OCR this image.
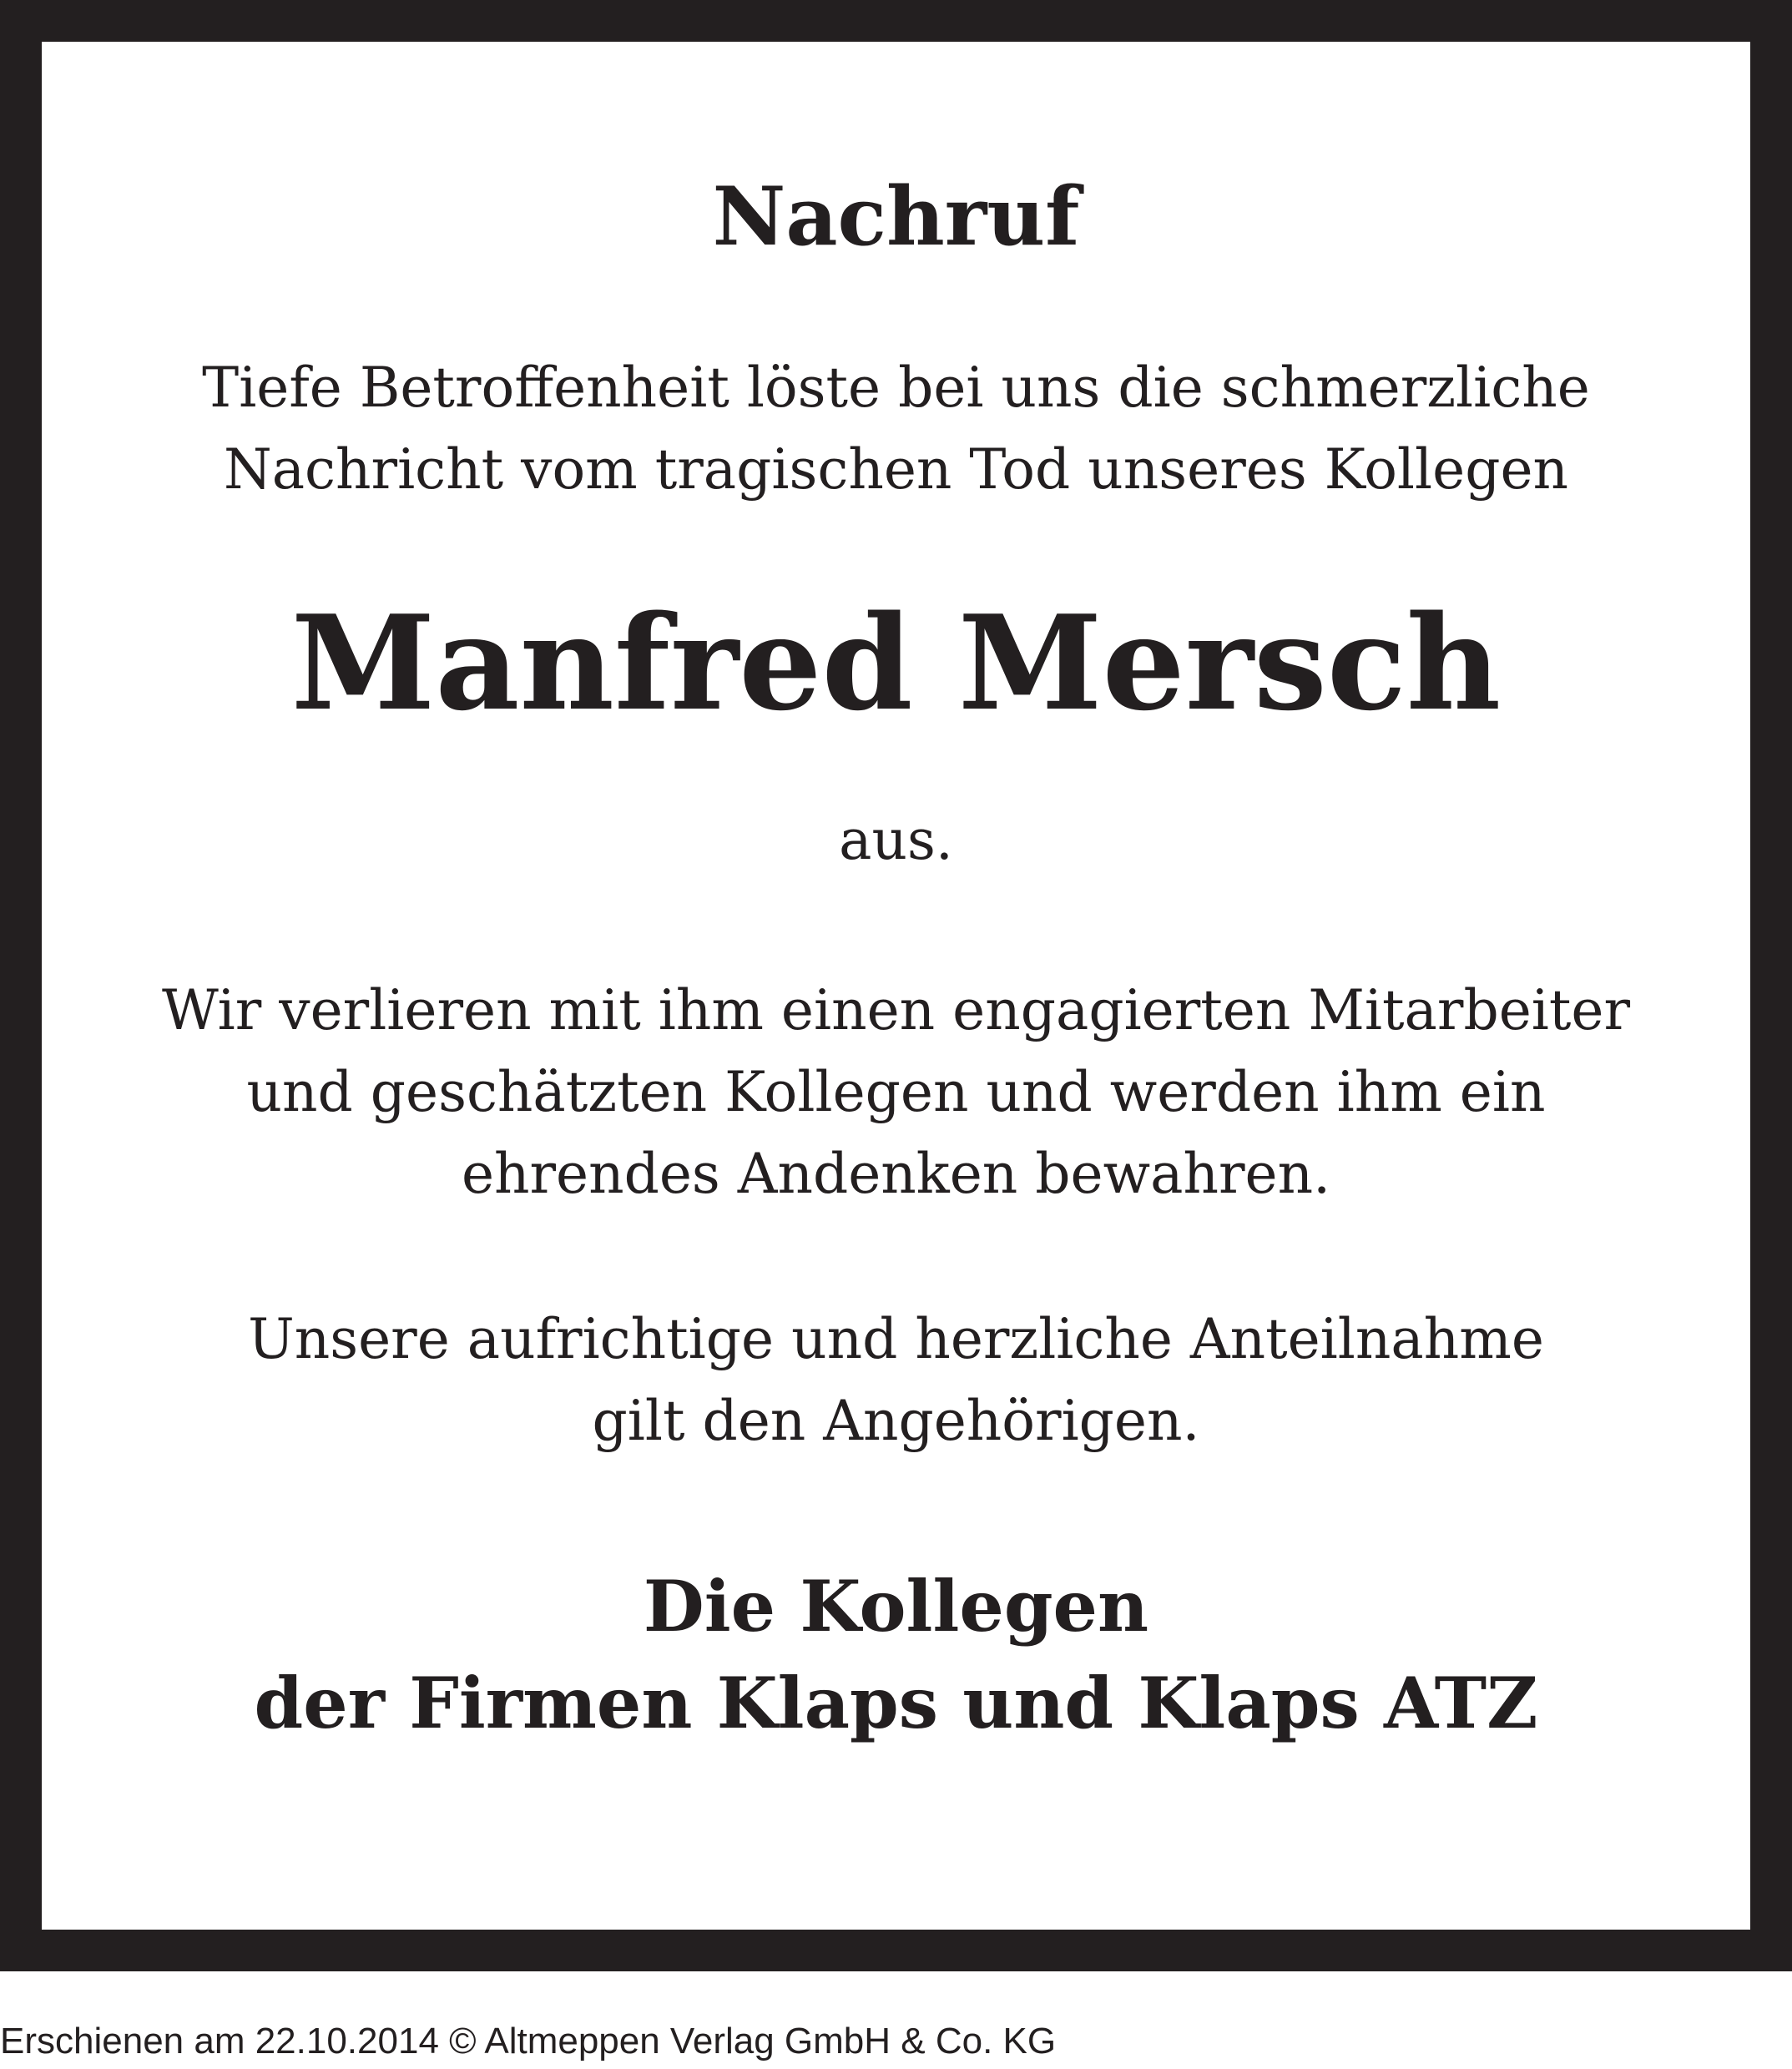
Nachruf

Tiefe Betroffenheit löste bei uns die schmerzliche
Nachricht vom tragischen Tod unseres Kollegen

Manfred Mersch

aus.

Wir verlieren mit ihm einen engagierten Mitarbeiter
und geschätzten Kollegen und werden ihm ein
ehrendes Andenken bewahren.
Unsere aufrichtige und herzliche Anteilnahme
gilt den Angehörigen.
Die Kollegen
der Firmen Klaps und Klaps ATZ
Erschienen am 22.10.2014 © Altmeppen Verlag GmbH & Co. KG
